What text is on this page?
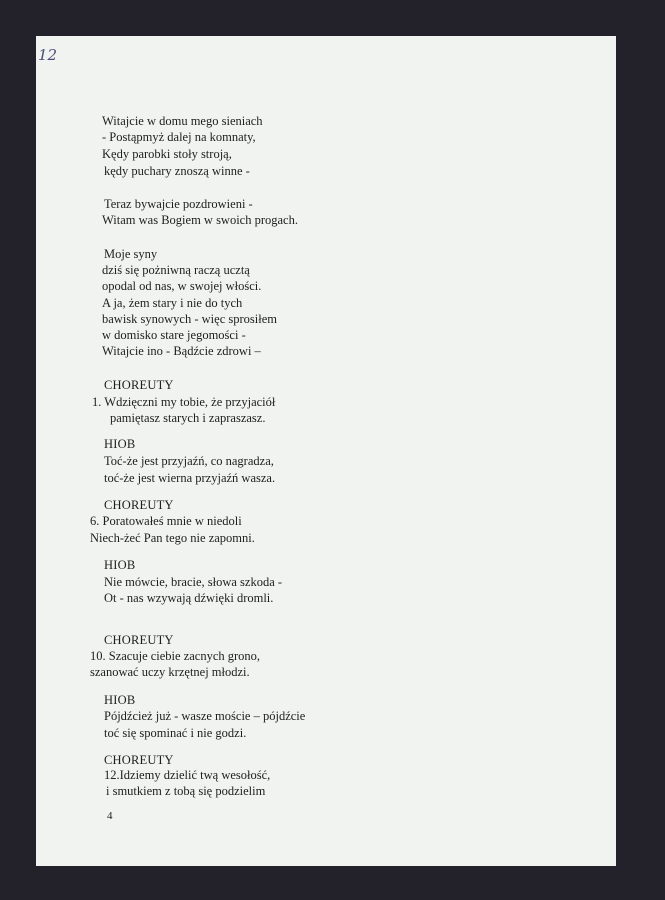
12

Witajcie w domu mego sieniach

- Postąpmyż dalej na komnaty,

Kędy parobki stoły stroją,

kędy puchary znoszą winne -

Teraz bywajcie pozdrowieni -

Witam was Bogiem w swoich progach.

Moje syny

dziś się pożniwną raczą ucztą

opodal od nas, w swojej włości.

A ja, żem stary i nie do tych

bawisk synowych - więc sprosiłem

w domisko stare jegomości -

Witajcie ino - Bądźcie zdrowi –

CHOREUTY

1. Wdzięczni my tobie, że przyjaciół

pamiętasz starych i zapraszasz.

HIOB

Toć-że jest przyjaźń, co nagradza,

toć-że jest wierna przyjaźń wasza.

CHOREUTY

6. Poratowałeś mnie w niedoli

Niech-żeć Pan tego nie zapomni.

HIOB

Nie mówcie, bracie, słowa szkoda -

Ot - nas wzywają dźwięki dromli.

CHOREUTY

10. Szacuje ciebie zacnych grono,

szanować uczy krzętnej młodzi.

HIOB

Pójdźcież już - wasze moście – pójdźcie

toć się spominać i nie godzi.

CHOREUTY

12.Idziemy dzielić twą wesołość,

i smutkiem z tobą się podzielim

4
